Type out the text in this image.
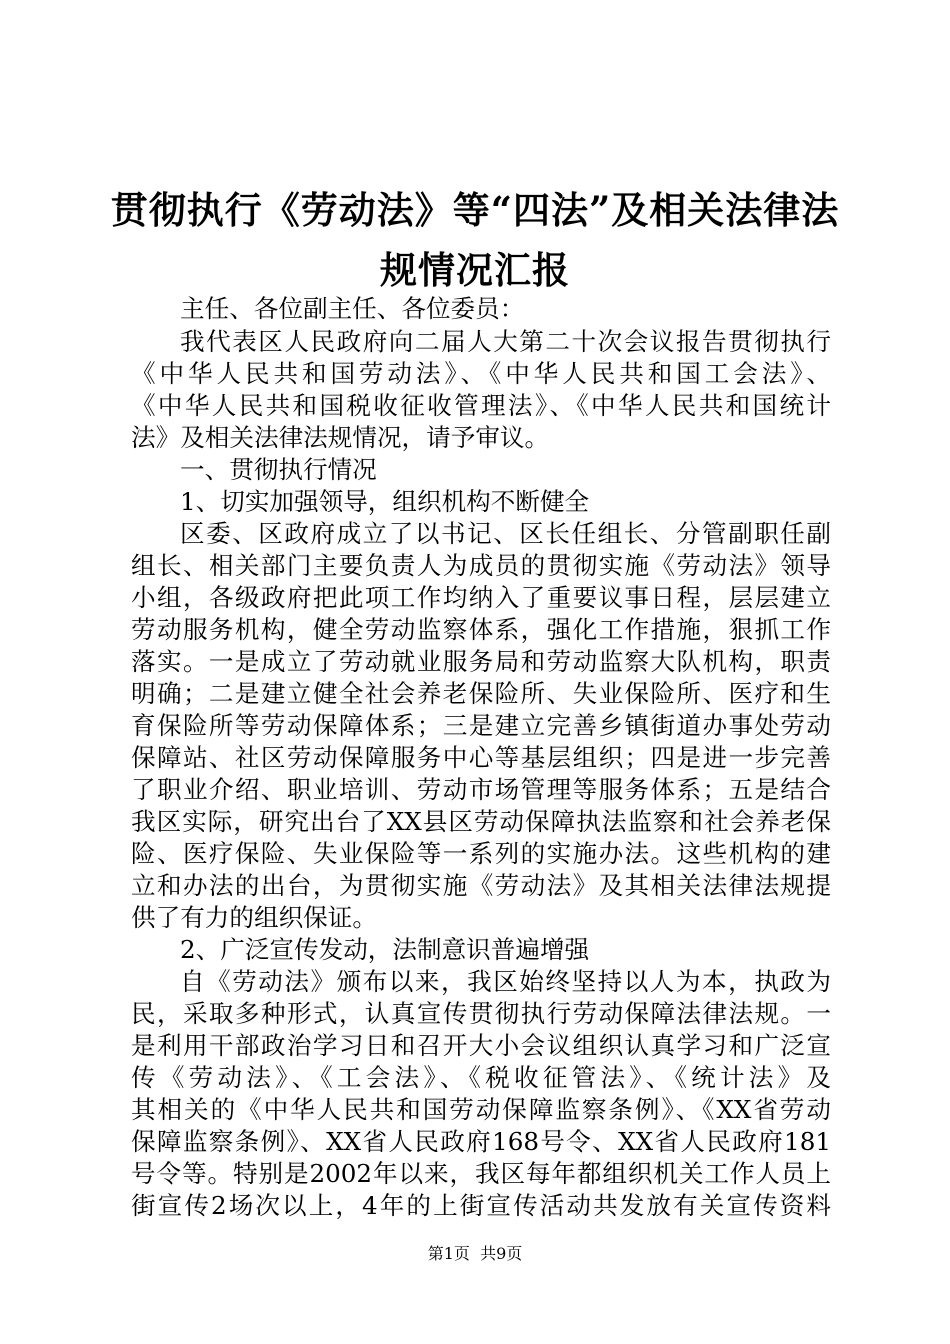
贯彻执行《劳动法》等“四法”及相关法律法
规情况汇报
主任、各位副主任、各位委员：
我代表区人民政府向二届人大第二十次会议报告贯彻执行
《中华人民共和国劳动法》、《中华人民共和国工会法》、
《中华人民共和国税收征收管理法》、《中华人民共和国统计
法》及相关法律法规情况，请予审议。
一、贯彻执行情况
1、切实加强领导，组织机构不断健全
区委、区政府成立了以书记、区长任组长、分管副职任副
组长、相关部门主要负责人为成员的贯彻实施《劳动法》领导
小组，各级政府把此项工作均纳入了重要议事日程，层层建立
劳动服务机构，健全劳动监察体系，强化工作措施，狠抓工作
落实。一是成立了劳动就业服务局和劳动监察大队机构，职责
明确；二是建立健全社会养老保险所、失业保险所、医疗和生
育保险所等劳动保障体系；三是建立完善乡镇街道办事处劳动
保障站、社区劳动保障服务中心等基层组织；四是进一步完善
了职业介绍、职业培训、劳动市场管理等服务体系；五是结合
我区实际，研究出台了XX县区劳动保障执法监察和社会养老保
险、医疗保险、失业保险等一系列的实施办法。这些机构的建
立和办法的出台，为贯彻实施《劳动法》及其相关法律法规提
供了有力的组织保证。
2、广泛宣传发动，法制意识普遍增强
自《劳动法》颁布以来，我区始终坚持以人为本，执政为
民，采取多种形式，认真宣传贯彻执行劳动保障法律法规。一
是利用干部政治学习日和召开大小会议组织认真学习和广泛宣
传《劳动法》、《工会法》、《税收征管法》、《统计法》及
其相关的《中华人民共和国劳动保障监察条例》、《XX省劳动
保障监察条例》、XX省人民政府168号令、XX省人民政府181
号令等。特别是2002年以来，我区每年都组织机关工作人员上
街宣传2场次以上，4年的上街宣传活动共发放有关宣传资料
第1页  共9页
